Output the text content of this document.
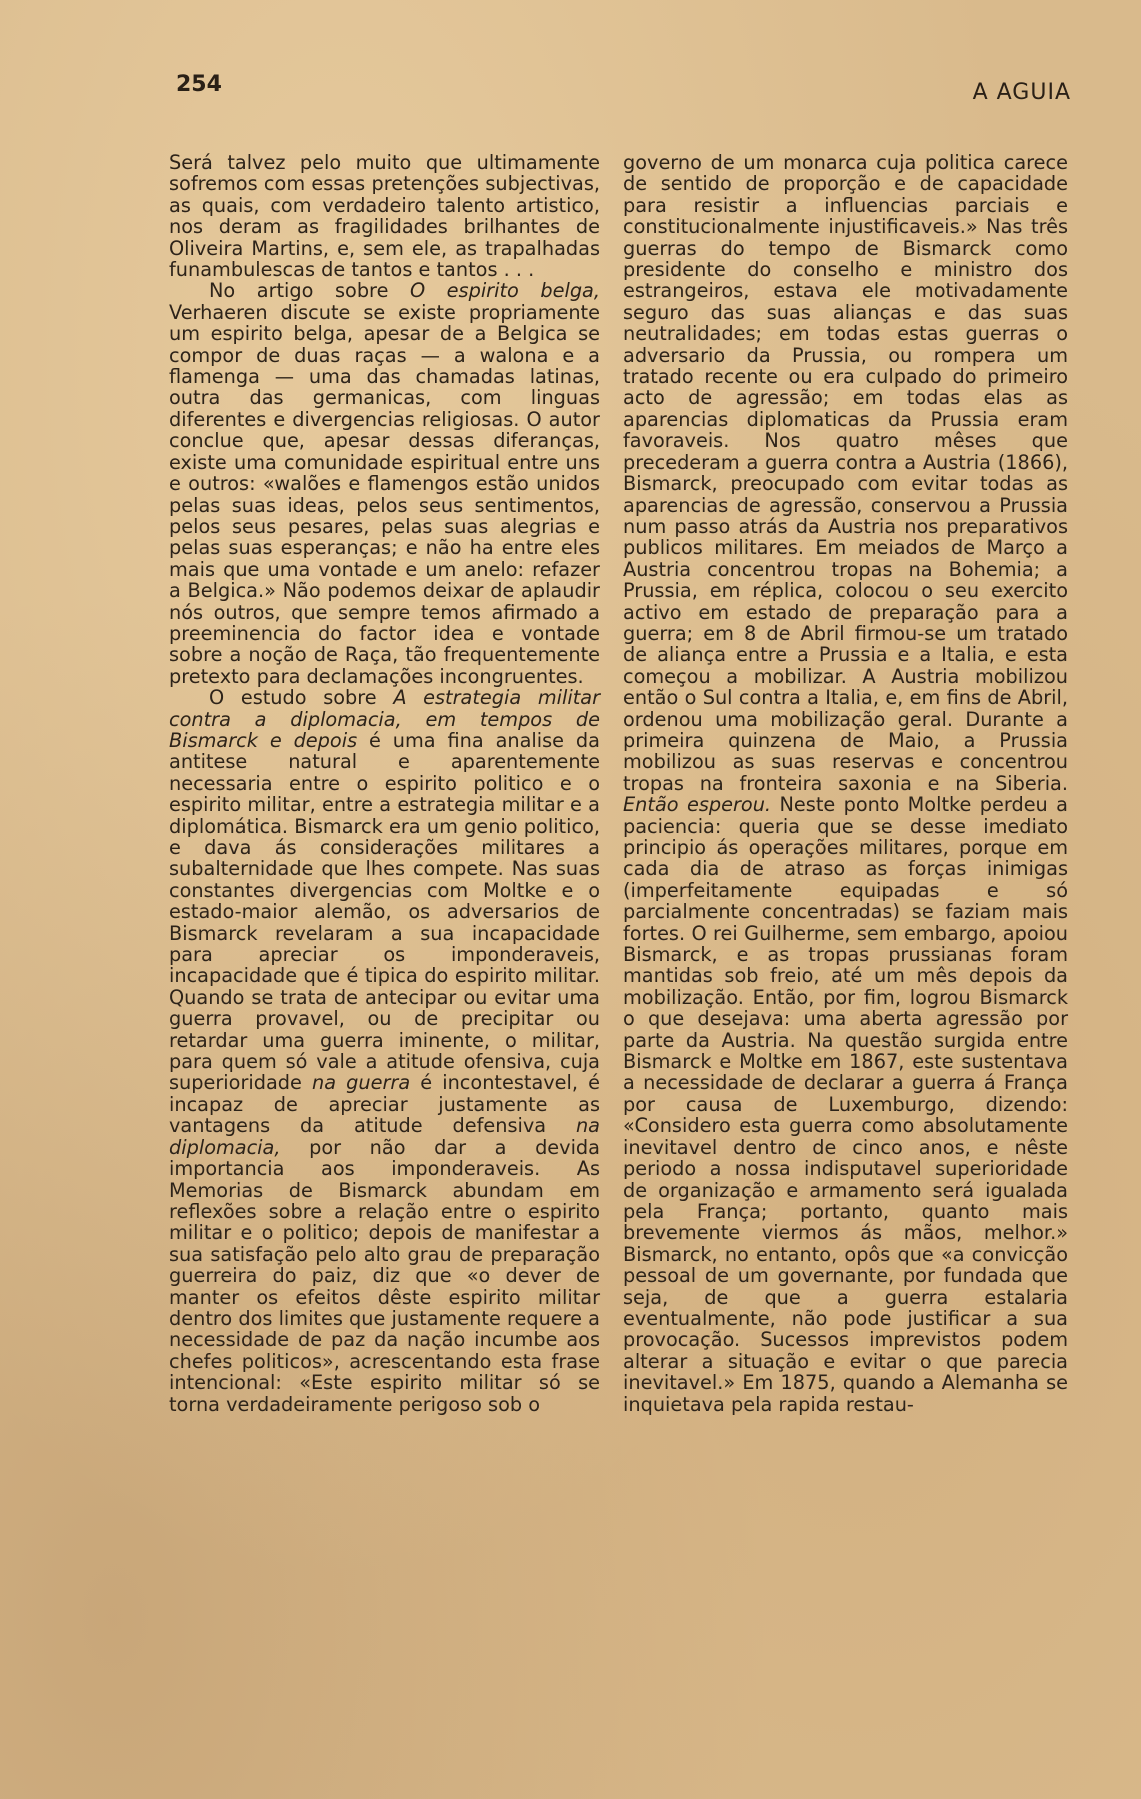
254	A AGUIA

Será talvez pelo muito que ultimamente sofremos com essas pretenções subjectivas, as quais, com verdadeiro talento artistico, nos deram as fragilidades brilhantes de Oliveira Martins, e, sem ele, as trapalhadas funambulescas de tantos e tantos . . .

No artigo sobre O espirito belga, Verhaeren discute se existe propriamente um espirito belga, apesar de a Belgica se compor de duas raças — a walona e a flamenga — uma das chamadas latinas, outra das germanicas, com linguas diferentes e divergencias religiosas. O autor conclue que, apesar dessas diferanças, existe uma comunidade espiritual entre uns e outros: «walões e flamengos estão unidos pelas suas ideas, pelos seus sentimentos, pelos seus pesares, pelas suas alegrias e pelas suas esperanças; e não ha entre eles mais que uma vontade e um anelo: refazer a Belgica.» Não podemos deixar de aplaudir nós outros, que sempre temos afirmado a preeminencia do factor idea e vontade sobre a noção de Raça, tão frequentemente pretexto para declamações incongruentes.

O estudo sobre A estrategia militar contra a diplomacia, em tempos de Bismarck e depois é uma fina analise da antitese natural e aparentemente necessaria entre o espirito politico e o espirito militar, entre a estrategia militar e a diplomática. Bismarck era um genio politico, e dava ás considerações militares a subalternidade que lhes compete. Nas suas constantes divergencias com Moltke e o estado-maior alemão, os adversarios de Bismarck revelaram a sua incapacidade para apreciar os imponderaveis, incapacidade que é tipica do espirito militar. Quando se trata de antecipar ou evitar uma guerra provavel, ou de precipitar ou retardar uma guerra iminente, o militar, para quem só vale a atitude ofensiva, cuja superioridade na guerra é incontestavel, é incapaz de apreciar justamente as vantagens da atitude defensiva na diplomacia, por não dar a devida importancia aos imponderaveis. As Memorias de Bismarck abundam em reflexões sobre a relação entre o espirito militar e o politico; depois de manifestar a sua satisfação pelo alto grau de preparação guerreira do paiz, diz que «o dever de manter os efeitos dêste espirito militar dentro dos limites que justamente requere a necessidade de paz da nação incumbe aos chefes politicos», acrescentando esta frase intencional: «Este espirito militar só se torna verdadeiramente perigoso sob o

governo de um monarca cuja politica carece de sentido de proporção e de capacidade para resistir a influencias parciais e constitucionalmente injustificaveis.» Nas três guerras do tempo de Bismarck como presidente do conselho e ministro dos estrangeiros, estava ele motivadamente seguro das suas alianças e das suas neutralidades; em todas estas guerras o adversario da Prussia, ou rompera um tratado recente ou era culpado do primeiro acto de agressão; em todas elas as aparencias diplomaticas da Prussia eram favoraveis. Nos quatro mêses que precederam a guerra contra a Austria (1866), Bismarck, preocupado com evitar todas as aparencias de agressão, conservou a Prussia num passo atrás da Austria nos preparativos publicos militares. Em meiados de Março a Austria concentrou tropas na Bohemia; a Prussia, em réplica, colocou o seu exercito activo em estado de preparação para a guerra; em 8 de Abril firmou-se um tratado de aliança entre a Prussia e a Italia, e esta começou a mobilizar. A Austria mobilizou então o Sul contra a Italia, e, em fins de Abril, ordenou uma mobilização geral. Durante a primeira quinzena de Maio, a Prussia mobilizou as suas reservas e concentrou tropas na fronteira saxonia e na Siberia. Então esperou. Neste ponto Moltke perdeu a paciencia: queria que se desse imediato principio ás operações militares, porque em cada dia de atraso as forças inimigas (imperfeitamente equipadas e só parcialmente concentradas) se faziam mais fortes. O rei Guilherme, sem embargo, apoiou Bismarck, e as tropas prussianas foram mantidas sob freio, até um mês depois da mobilização. Então, por fim, logrou Bismarck o que desejava: uma aberta agressão por parte da Austria. Na questão surgida entre Bismarck e Moltke em 1867, este sustentava a necessidade de declarar a guerra á França por causa de Luxemburgo, dizendo: «Considero esta guerra como absolutamente inevitavel dentro de cinco anos, e nêste periodo a nossa indisputavel superioridade de organização e armamento será igualada pela França; portanto, quanto mais brevemente viermos ás mãos, melhor.» Bismarck, no entanto, opôs que «a convicção pessoal de um governante, por fundada que seja, de que a guerra estalaria eventualmente, não pode justificar a sua provocação. Sucessos imprevistos podem alterar a situação e evitar o que parecia inevitavel.» Em 1875, quando a Alemanha se inquietava pela rapida restau-
